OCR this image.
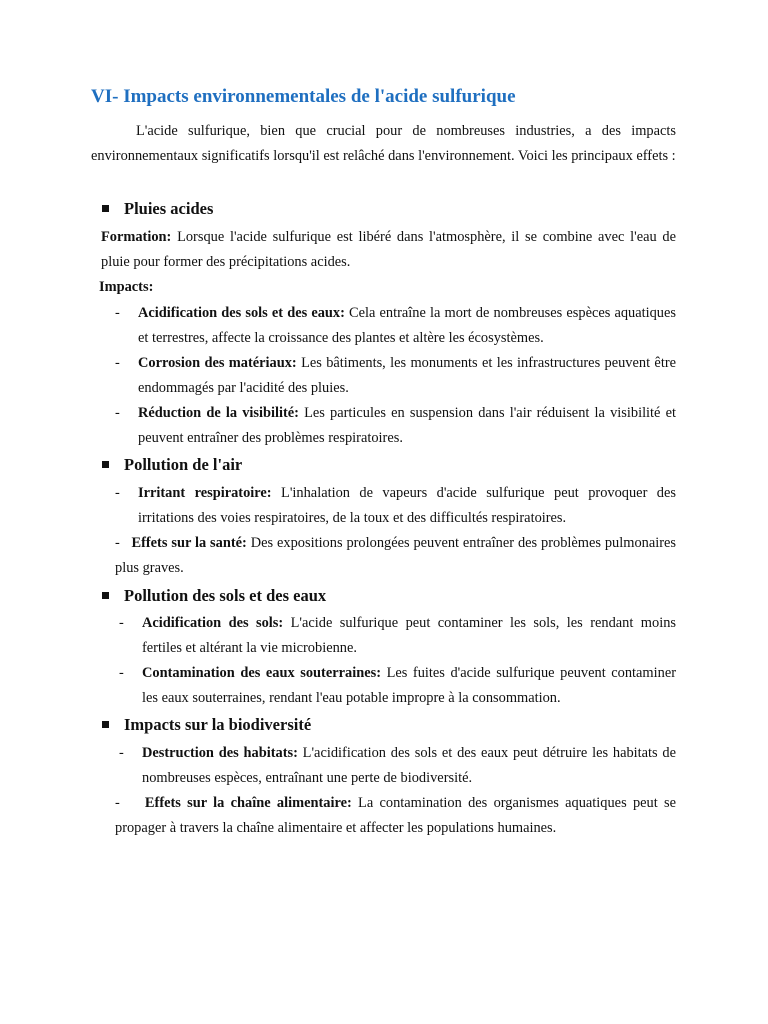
VI- Impacts environnementales de l'acide sulfurique
L'acide sulfurique, bien que crucial pour de nombreuses industries, a des impacts environnementaux significatifs lorsqu'il est relâché dans l'environnement. Voici les principaux effets :
Pluies acides
Formation: Lorsque l'acide sulfurique est libéré dans l'atmosphère, il se combine avec l'eau de pluie pour former des précipitations acides.
Impacts:
- Acidification des sols et des eaux: Cela entraîne la mort de nombreuses espèces aquatiques et terrestres, affecte la croissance des plantes et altère les écosystèmes.
- Corrosion des matériaux: Les bâtiments, les monuments et les infrastructures peuvent être endommagés par l'acidité des pluies.
- Réduction de la visibilité: Les particules en suspension dans l'air réduisent la visibilité et peuvent entraîner des problèmes respiratoires.
Pollution de l'air
- Irritant respiratoire: L'inhalation de vapeurs d'acide sulfurique peut provoquer des irritations des voies respiratoires, de la toux et des difficultés respiratoires.
- Effets sur la santé: Des expositions prolongées peuvent entraîner des problèmes pulmonaires plus graves.
Pollution des sols et des eaux
- Acidification des sols: L'acide sulfurique peut contaminer les sols, les rendant moins fertiles et altérant la vie microbienne.
- Contamination des eaux souterraines: Les fuites d'acide sulfurique peuvent contaminer les eaux souterraines, rendant l'eau potable impropre à la consommation.
Impacts sur la biodiversité
- Destruction des habitats: L'acidification des sols et des eaux peut détruire les habitats de nombreuses espèces, entraînant une perte de biodiversité.
- Effets sur la chaîne alimentaire: La contamination des organismes aquatiques peut se propager à travers la chaîne alimentaire et affecter les populations humaines.
